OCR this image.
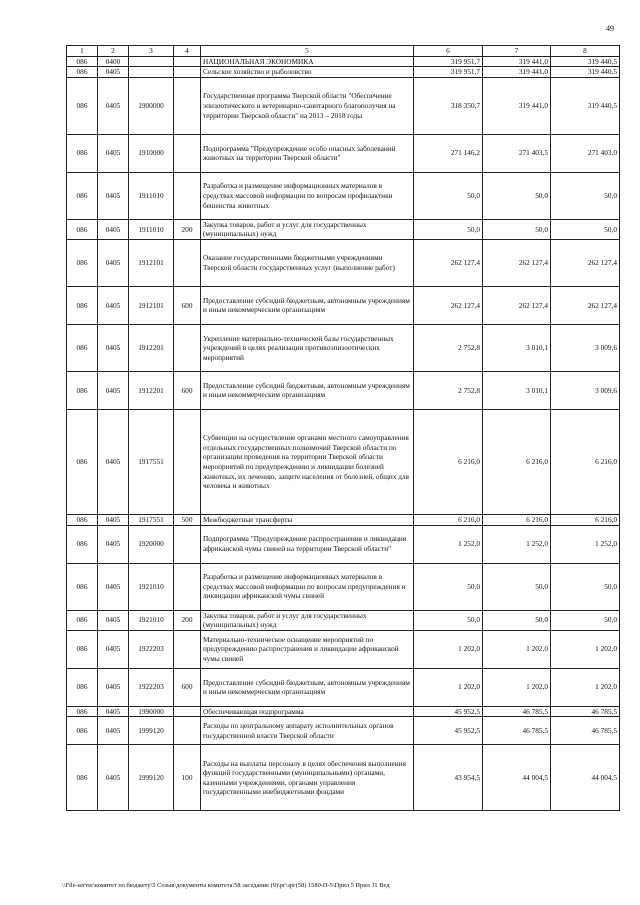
49
1	2	3	4	5	6	7	8
086	0400			НАЦИОНАЛЬНАЯ ЭКОНОМИКА	319 951,7	319 441,0	319 440,5
086	0405			Сельское хозяйство и рыболовство	319 951,7	319 441,0	319 440,5
086	0405	1900000		Государственная программа Тверской области "Обеспечение эпизоотического и ветеринарно-санитарного благополучия на территории Тверской области" на 2013 – 2018 годы	318 350,7	319 441,0	319 440,5
086	0405	1910000		Подпрограмма "Предупреждение особо опасных заболеваний животных на территории Тверской области"	271 146,2	271 403,5	271 403,0
086	0405	1911010		Разработка и размещение информационных материалов в средствах массовой информации по вопросам профилактики бешенства животных	50,0	50,0	50,0
086	0405	1911010	200	Закупка товаров, работ и услуг для государственных (муниципальных) нужд	50,0	50,0	50,0
086	0405	1912101		Оказание государственными бюджетными учреждениями Тверской области государственных услуг (выполнение работ)	262 127,4	262 127,4	262 127,4
086	0405	1912101	600	Предоставление субсидий бюджетным, автономным учреждениям и иным некоммерческим организациям	262 127,4	262 127,4	262 127,4
086	0405	1912201		Укрепление материально-технической базы государственных учреждений в целях реализации противоэпизоотических мероприятий	2 752,8	3 010,1	3 009,6
086	0405	1912201	600	Предоставление субсидий бюджетным, автономным учреждениям и иным некоммерческим организациям	2 752,8	3 010,1	3 009,6
086	0405	1917551		Субвенции на осуществление органами местного самоуправления отдельных государственных полномочий Тверской области по организации проведения на территории Тверской области мероприятий по предупреждению и ликвидации болезней животных, их лечению, защите населения от болезней, общих для человека и животных	6 216,0	6 216,0	6 216,0
086	0405	1917551	500	Межбюджетные трансферты	6 216,0	6 216,0	6 216,0
086	0405	1920000		Подпрограмма "Предупреждение распространения и ликвидация африканской чумы свиней на территории Тверской области"	1 252,0	1 252,0	1 252,0
086	0405	1921010		Разработка и размещение информационных материалов в средствах массовой информации по вопросам предупреждения и ликвидации африканской чумы свиней	50,0	50,0	50,0
086	0405	1921010	200	Закупка товаров, работ и услуг для государственных (муниципальных) нужд	50,0	50,0	50,0
086	0405	1922203		Материально-техническое оснащение мероприятий по предупреждению распространения и ликвидации африканской чумы свиней	1 202,0	1 202,0	1 202,0
086	0405	1922203	600	Предоставление субсидий бюджетным, автономным учреждениям и иным некоммерческим организациям	1 202,0	1 202,0	1 202,0
086	0405	1990000		Обеспечивающая подпрограмма	45 952,5	46 785,5	46 785,5
086	0405	1999120		Расходы по центральному аппарату исполнительных органов государственной власти Тверской области	45 952,5	46 785,5	46 785,5
086	0405	1999120	100	Расходы на выплаты персоналу в целях обеспечения выполнения функций государственными (муниципальными) органами, казенными учреждениями, органами управления государственными внебюджетными фондами	43 954,5	44 004,5	44 004,5
\\File-server\комитет по бюджету\5 Созыв\документы комитета\58 заседание (9)\рг\зрг(58) 1580-П-5\Прил 5 Прил 11 Вед
